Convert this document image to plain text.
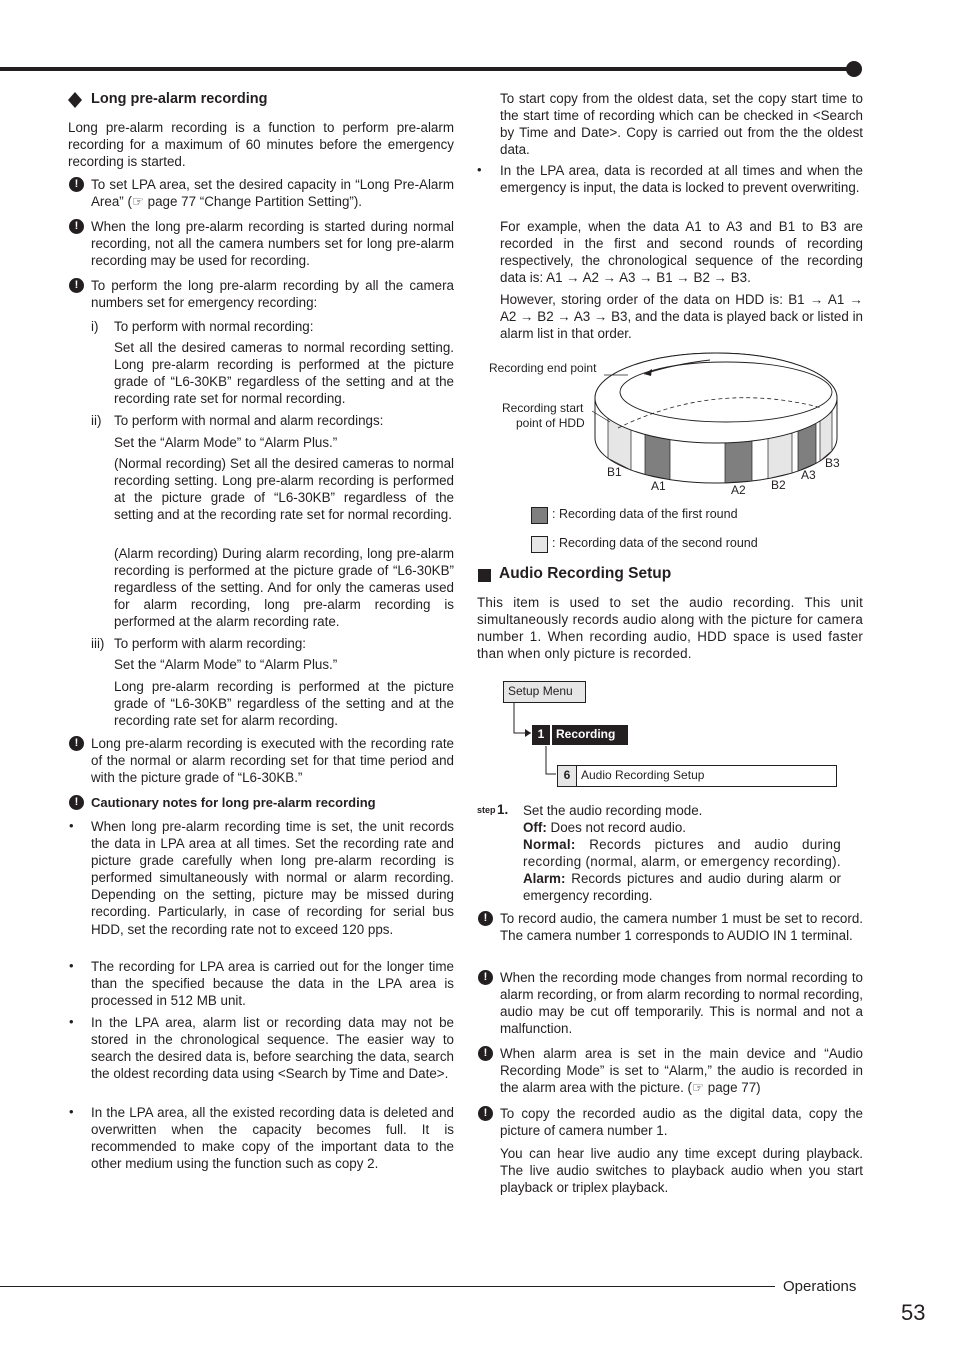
Long pre-alarm recording

Long pre-alarm recording is a function to perform pre-alarm recording for a maximum of 60 minutes before the emergency recording is started.

! To set LPA area, set the desired capacity in “Long Pre-Alarm Area” (☞ page 77 “Change Partition Setting”).

! When the long pre-alarm recording is started during normal recording, not all the camera numbers set for long pre-alarm recording may be used for recording.

! To perform the long pre-alarm recording by all the camera numbers set for emergency recording:

i) To perform with normal recording:

Set all the desired cameras to normal recording setting. Long pre-alarm recording is performed at the picture grade of “L6-30KB” regardless of the setting and at the recording rate set for normal recording.

ii) To perform with normal and alarm recordings:
Set the “Alarm Mode” to “Alarm Plus.”

(Normal recording) Set all the desired cameras to normal recording setting. Long pre-alarm recording is performed at the picture grade of “L6-30KB” regardless of the setting and at the recording rate set for normal recording.

(Alarm recording) During alarm recording, long pre-alarm recording is performed at the picture grade of “L6-30KB” regardless of the setting. And for only the cameras used for alarm recording, long pre-alarm recording is performed at the alarm recording rate.

iii) To perform with alarm recording:
Set the “Alarm Mode” to “Alarm Plus.”

Long pre-alarm recording is performed at the picture grade of “L6-30KB” regardless of the setting and at the recording rate set for alarm recording.

! Long pre-alarm recording is executed with the recording rate of the normal or alarm recording set for that time period and with the picture grade of “L6-30KB.”

! Cautionary notes for long pre-alarm recording
• When long pre-alarm recording time is set, the unit records the data in LPA area at all times. Set the recording rate and picture grade carefully when long pre-alarm recording is performed simultaneously with normal or alarm recording. Depending on the setting, picture may be missed during recording. Particularly, in case of recording for serial bus HDD, set the recording rate not to exceed 120 pps.

• The recording for LPA area is carried out for the longer time than the specified because the data in the LPA area is processed in 512 MB unit.

• In the LPA area, alarm list or recording data may not be stored in the chronological sequence. The easier way to search the desired data is, before searching the data, search the oldest recording data using <Search by Time and Date>.

• In the LPA area, all the existed recording data is deleted and overwritten when the capacity becomes full. It is recommended to make copy of the important data to the other medium using the function such as copy 2.

To start copy from the oldest data, set the copy start time to the start time of recording which can be checked in <Search by Time and Date>. Copy is carried out from the the oldest data.

• In the LPA area, data is recorded at all times and when the emergency is input, the data is locked to prevent overwriting.

For example, when the data A1 to A3 and B1 to B3 are recorded in the first and second rounds of recording respectively, the chronological sequence of the recording data is: A1 → A2 → A3 → B1 → B2 → B3.

However, storing order of the data on HDD is: B1 → A1 → A2 → B2 → A3 → B3, and the data is played back or listed in alarm list in that order.

Recording end point
Recording start
point of HDD
B1
A1	A2 B2
A3
B3
: Recording data of the first round
: Recording data of the second round
Audio Recording Setup

This item is used to set the audio recording. This unit simultaneously records audio along with the picture for camera number 1. When recording audio, HDD space is used faster than when only picture is recorded.

Setup Menu
1 Recording
6 Audio Recording Setup
step 1. Set the audio recording mode.

Off: Does not record audio.

Normal: Records pictures and audio during recording (normal, alarm, or emergency recording).

Alarm: Records pictures and audio during alarm or emergency recording.

! To record audio, the camera number 1 must be set to record. The camera number 1 corresponds to AUDIO IN 1 terminal.

! When the recording mode changes from normal recording to alarm recording, or from alarm recording to normal recording, audio may be cut off temporarily. This is normal and not a malfunction.

! When alarm area is set in the main device and “Audio Recording Mode” is set to “Alarm,” the audio is recorded in the alarm area with the picture. (☞ page 77)

! To copy the recorded audio as the digital data, copy the picture of camera number 1.

You can hear live audio any time except during playback. The live audio switches to playback audio when you start playback or triplex playback.

Operations
53
